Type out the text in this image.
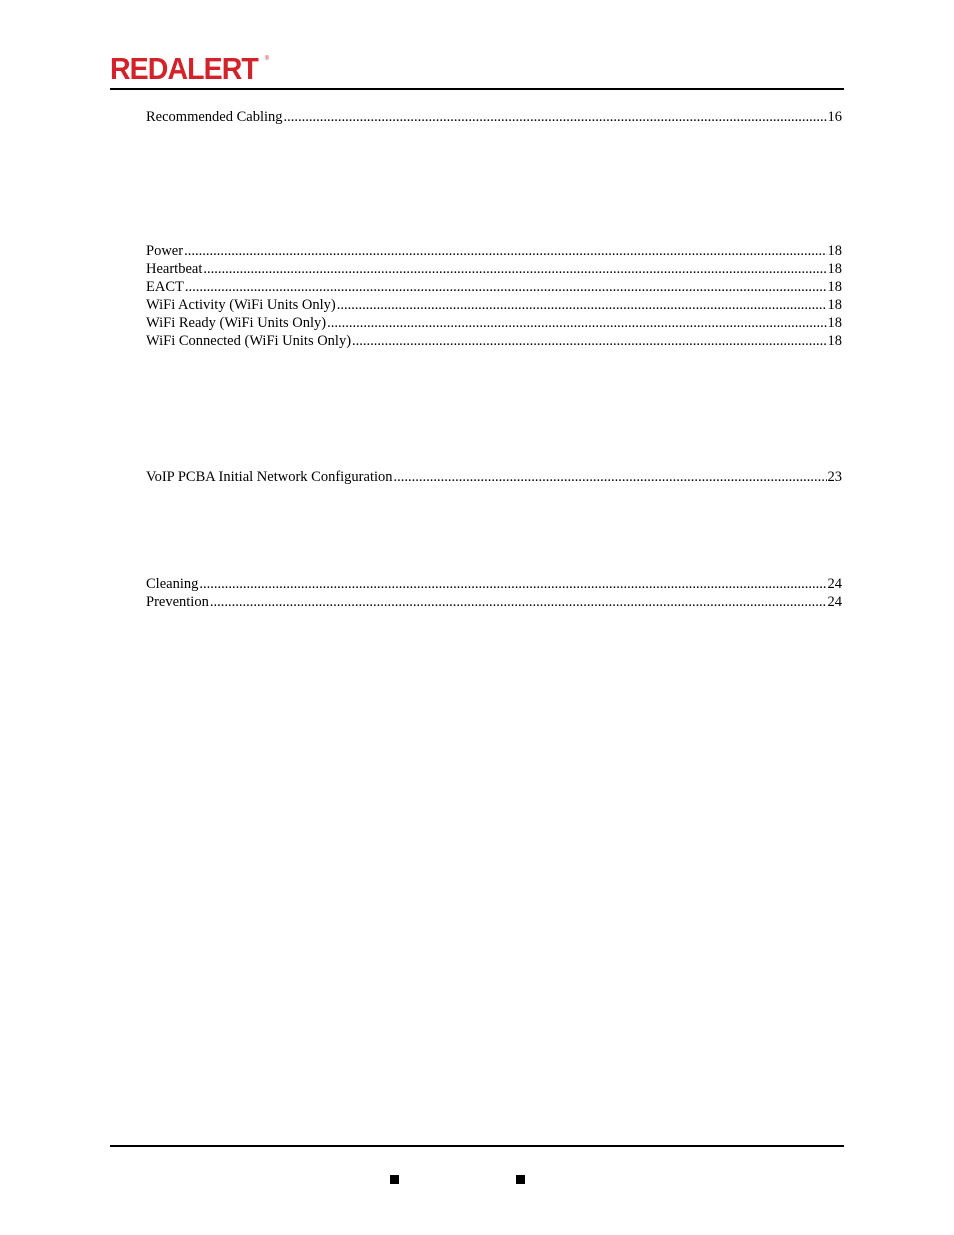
REDALERT ®
Recommended Cabling .....	16
Power .....	18
Heartbeat .....	18
EACT .....	18
WiFi Activity (WiFi Units Only) .....	18
WiFi Ready (WiFi Units Only) .....	18
WiFi Connected (WiFi Units Only) .....	18
VoIP PCBA Initial Network Configuration .....	23
Cleaning .....	24
Prevention .....	24
